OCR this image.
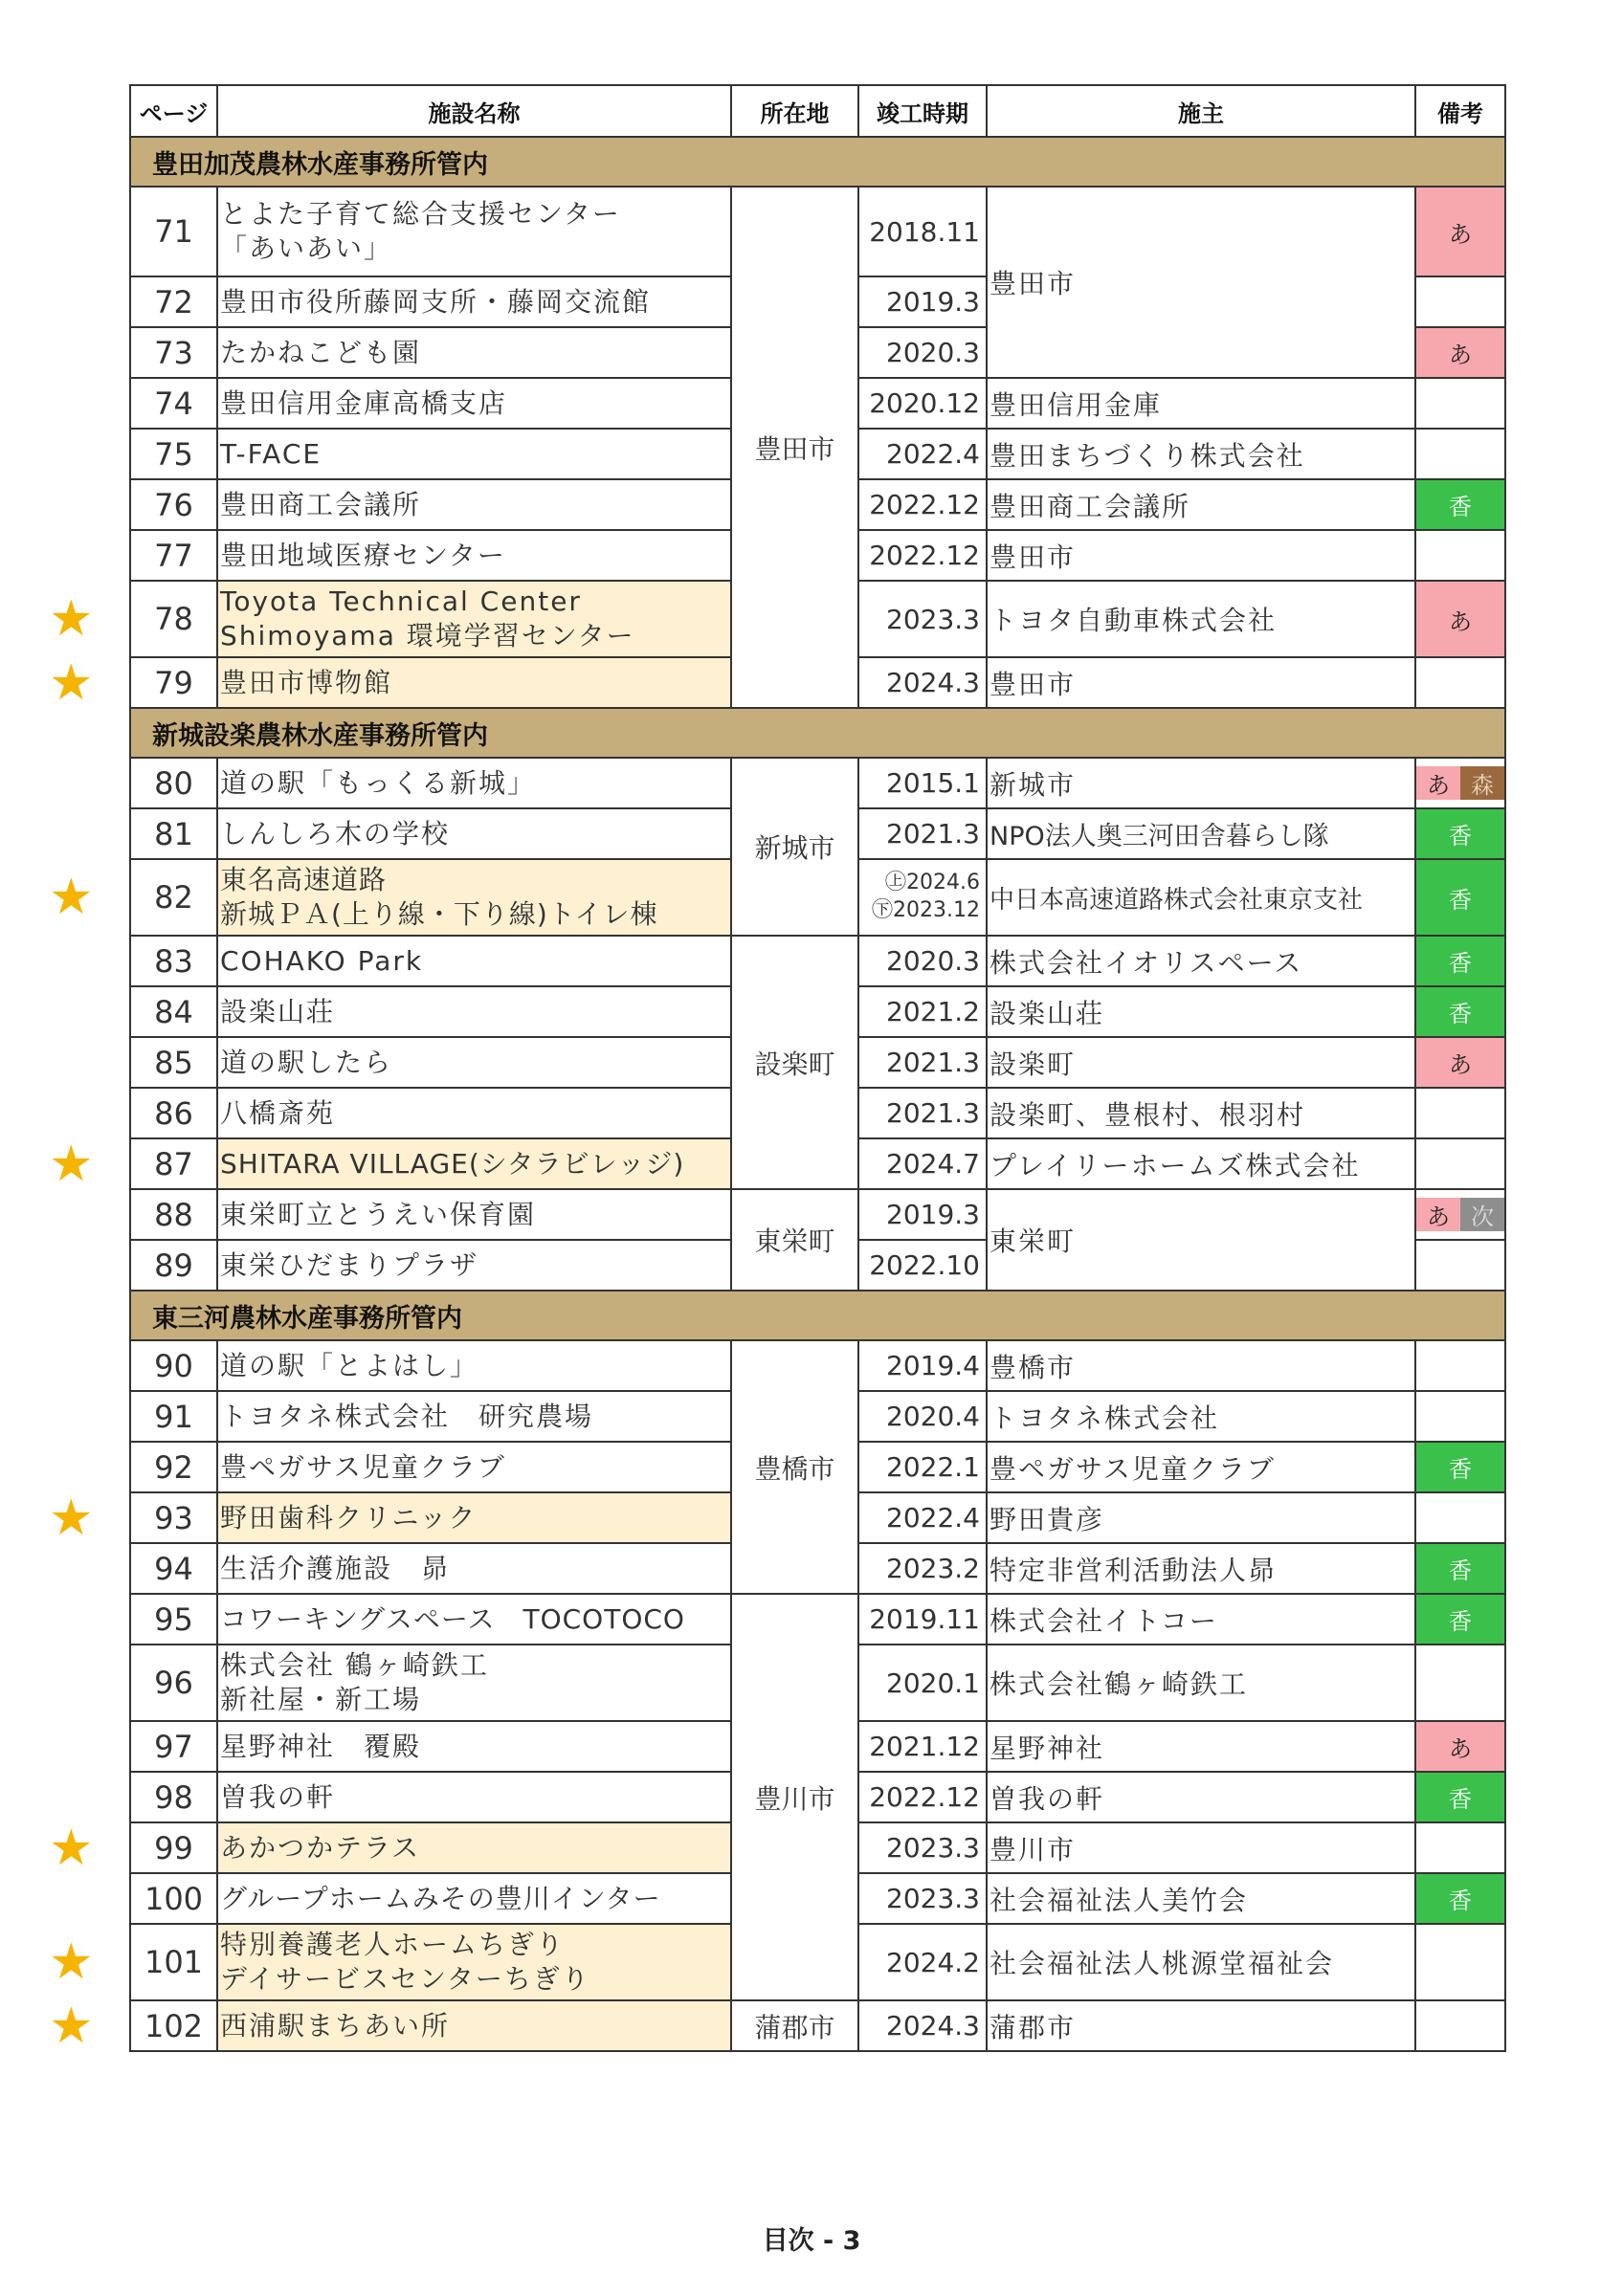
ページ	施設名称	所在地	竣工時期	施主	備考
豊田加茂農林水産事務所管内					
71	とよた子育て総合支援センター
「あいあい」	豊田市	2018.11	豊田市	あ
72	豊田市役所藤岡支所・藤岡交流館		2019.3		
73	たかねこども園		2020.3		あ
74	豊田信用金庫高橋支店		2020.12	豊田信用金庫	
75	T-FACE		2022.4	豊田まちづくり株式会社	
76	豊田商工会議所		2022.12	豊田商工会議所	香
77	豊田地域医療センター		2022.12	豊田市	

★ 78	Toyota Technical Center
Shimoyama 環境学習センター		2023.3	トヨタ自動車株式会社	あ

★ 79	豊田市博物館		2024.3	豊田市	
新城設楽農林水産事務所管内					
80	道の駅「もっくる新城」	新城市	2015.1	新城市	あ 森

81	しんしろ木の学校		2021.3	NPO法人奥三河田舎暮らし隊	香

★ 82	東名高速道路
新城ＰＡ(上り線・下り線)トイレ棟		㊤2024.6
㊦2023.12	中日本高速道路株式会社東京支社	香
83	COHAKO Park	設楽町	2020.3	株式会社イオリスペース	香
84	設楽山荘		2021.2	設楽山荘	香
85	道の駅したら		2021.3	設楽町	あ
86	八橋斎苑		2021.3	設楽町、豊根村、根羽村	

★ 87	SHITARA VILLAGE(シタラビレッジ)		2024.7	プレイリーホームズ株式会社	
88	東栄町立とうえい保育園	東栄町	2019.3	東栄町	あ 次

89	東栄ひだまりプラザ		2022.10		
東三河農林水産事務所管内					
90	道の駅「とよはし」	豊橋市	2019.4	豊橋市	
91	トヨタネ株式会社　研究農場		2020.4	トヨタネ株式会社	
92	豊ペガサス児童クラブ		2022.1	豊ペガサス児童クラブ	香

★ 93	野田歯科クリニック		2022.4	野田貴彦	
94	生活介護施設　昴		2023.2	特定非営利活動法人昴	香
95	コワーキングスペース　TOCOTOCO	豊川市	2019.11	株式会社イトコー	香
96	株式会社 鶴ヶ崎鉄工
新社屋・新工場		2020.1	株式会社鶴ヶ崎鉄工	
97	星野神社　覆殿		2021.12	星野神社	あ
98	曽我の軒		2022.12	曽我の軒	香

★ 99	あかつかテラス		2023.3	豊川市	
100	グループホームみその豊川インター		2023.3	社会福祉法人美竹会	香

★ 101	特別養護老人ホームちぎり
デイサービスセンターちぎり		2024.2	社会福祉法人桃源堂福祉会	

★ 102	西浦駅まちあい所	蒲郡市	2024.3	蒲郡市	
目次 - 3
